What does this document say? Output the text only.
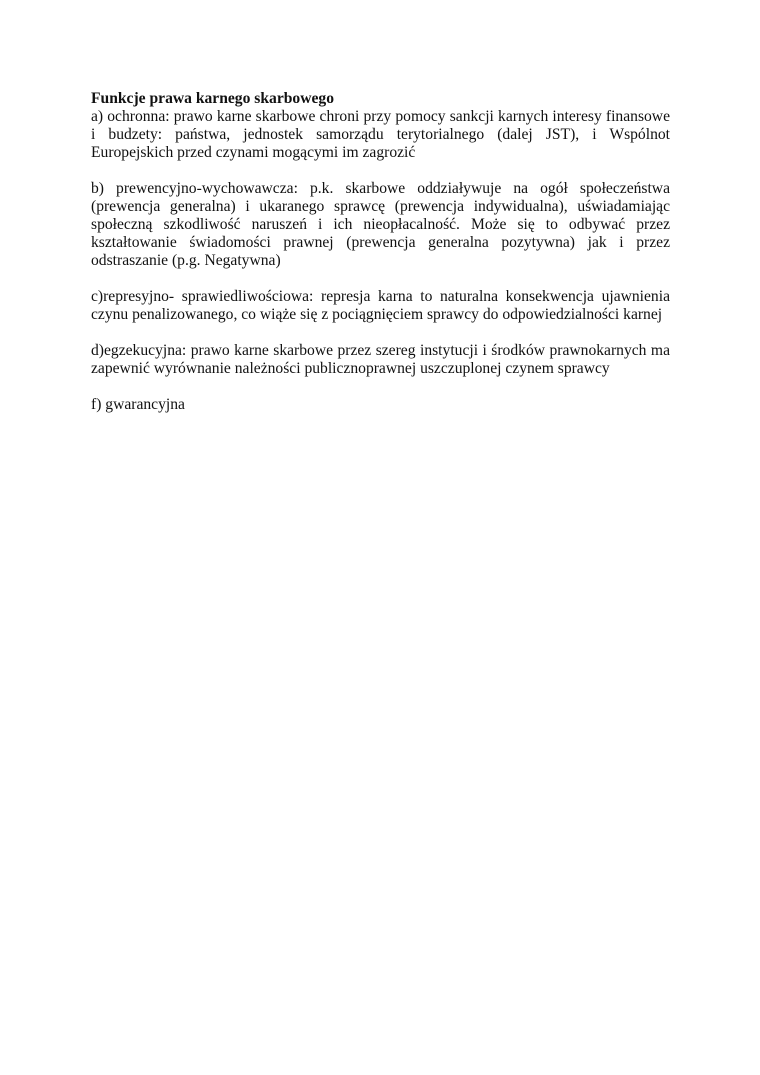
Funkcje prawa karnego skarbowego

a) ochronna: prawo karne skarbowe chroni przy pomocy sankcji karnych interesy finansowe i budzety: państwa, jednostek samorządu terytorialnego (dalej JST), i Wspólnot Europejskich przed czynami mogącymi im zagrozić

b) prewencyjno-wychowawcza: p.k. skarbowe oddziaływuje na ogół społeczeństwa (prewencja generalna) i ukaranego sprawcę (prewencja indywidualna), uświadamiając społeczną szkodliwość naruszeń i ich nieopłacalność. Może się to odbywać przez kształtowanie świadomości prawnej (prewencja generalna pozytywna) jak i przez odstraszanie (p.g. Negatywna)

c)represyjno- sprawiedliwościowa: represja karna to naturalna konsekwencja ujawnienia czynu penalizowanego, co wiąże się z pociągnięciem sprawcy do odpowiedzialności karnej

d)egzekucyjna: prawo karne skarbowe przez szereg instytucji i środków prawnokarnych ma zapewnić wyrównanie należności publicznoprawnej uszczuplonej czynem sprawcy

f) gwarancyjna
